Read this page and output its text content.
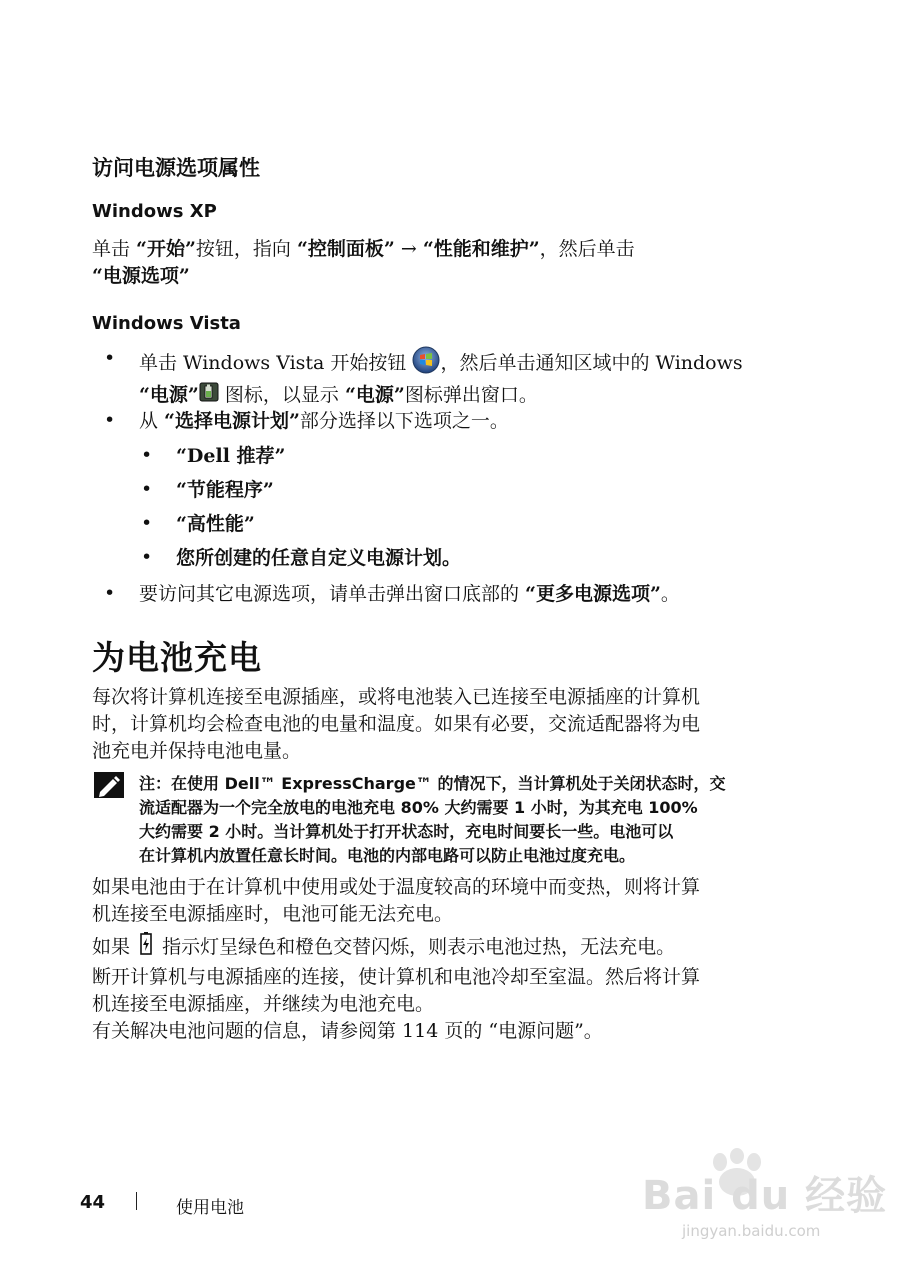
访问电源选项属性
Windows XP
单击 “开始”按钮，指向 “控制面板” → “性能和维护”，然后单击
“电源选项”
Windows Vista
• 单击 Windows Vista 开始按钮 ，然后单击通知区域中的 Windows
“电源” 图标，以显示 “电源”图标弹出窗口。
• 从 “选择电源计划”部分选择以下选项之一。
• “Dell 推荐”
• “节能程序”
• “高性能”
• 您所创建的任意自定义电源计划。
• 要访问其它电源选项，请单击弹出窗口底部的 “更多电源选项”。
为电池充电
每次将计算机连接至电源插座，或将电池装入已连接至电源插座的计算机
时，计算机均会检查电池的电量和温度。如果有必要，交流适配器将为电
池充电并保持电池电量。
注：在使用 Dell™ ExpressCharge™ 的情况下，当计算机处于关闭状态时，交
流适配器为一个完全放电的电池充电 80% 大约需要 1 小时，为其充电 100%
大约需要 2 小时。当计算机处于打开状态时，充电时间要长一些。电池可以
在计算机内放置任意长时间。电池的内部电路可以防止电池过度充电。
如果电池由于在计算机中使用或处于温度较高的环境中而变热，则将计算
机连接至电源插座时，电池可能无法充电。
如果  指示灯呈绿色和橙色交替闪烁，则表示电池过热，无法充电。
断开计算机与电源插座的连接，使计算机和电池冷却至室温。然后将计算
机连接至电源插座，并继续为电池充电。
有关解决电池问题的信息，请参阅第 114 页的 “电源问题”。
44	使用电池	Bai du 经验
jingyan.baidu.com
